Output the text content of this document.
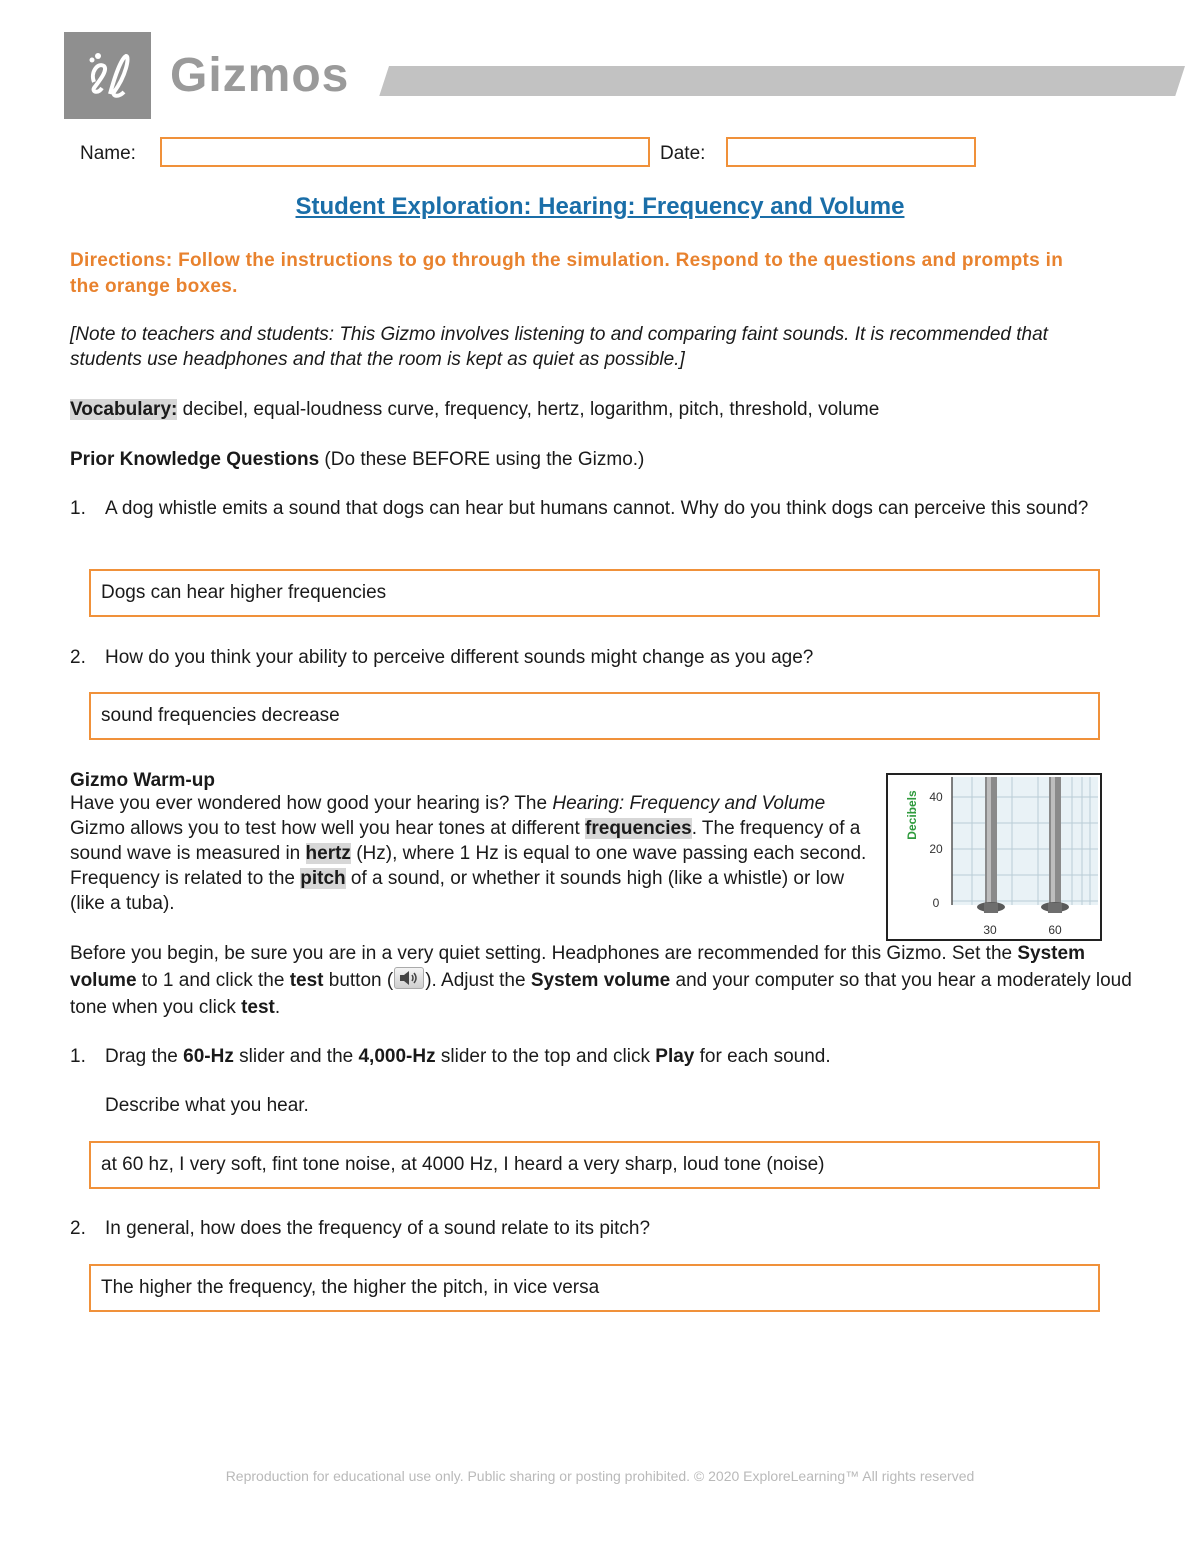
Gizmos
Name:	Date:
Student Exploration: Hearing: Frequency and Volume
Directions: Follow the instructions to go through the simulation. Respond to the questions and prompts in the orange boxes.
[Note to teachers and students: This Gizmo involves listening to and comparing faint sounds. It is recommended that students use headphones and that the room is kept as quiet as possible.]
Vocabulary: decibel, equal-loudness curve, frequency, hertz, logarithm, pitch, threshold, volume
Prior Knowledge Questions (Do these BEFORE using the Gizmo.)
1.	A dog whistle emits a sound that dogs can hear but humans cannot. Why do you think dogs can perceive this sound?
Dogs can hear higher frequencies
2.	How do you think your ability to perceive different sounds might change as you age?
sound frequencies decrease
Gizmo Warm-up
Have you ever wondered how good your hearing is? The Hearing: Frequency and Volume Gizmo allows you to test how well you hear tones at different frequencies. The frequency of a sound wave is measured in hertz (Hz), where 1 Hz is equal to one wave passing each second. Frequency is related to the pitch of a sound, or whether it sounds high (like a whistle) or low (like a tuba).
Decibels 40
20
0
30	60
Before you begin, be sure you are in a very quiet setting. Headphones are recommended for this Gizmo. Set the System volume to 1 and click the test button ( ). Adjust the System volume and your computer so that you hear a moderately loud tone when you click test.
1.	Drag the 60-Hz slider and the 4,000-Hz slider to the top and click Play for each sound.
Describe what you hear.
at 60 hz, I very soft, fint tone noise, at 4000 Hz, I heard a very sharp, loud tone (noise)
2.	In general, how does the frequency of a sound relate to its pitch?
The higher the frequency, the higher the pitch, in vice versa
Reproduction for educational use only. Public sharing or posting prohibited. © 2020 ExploreLearning™ All rights reserved
